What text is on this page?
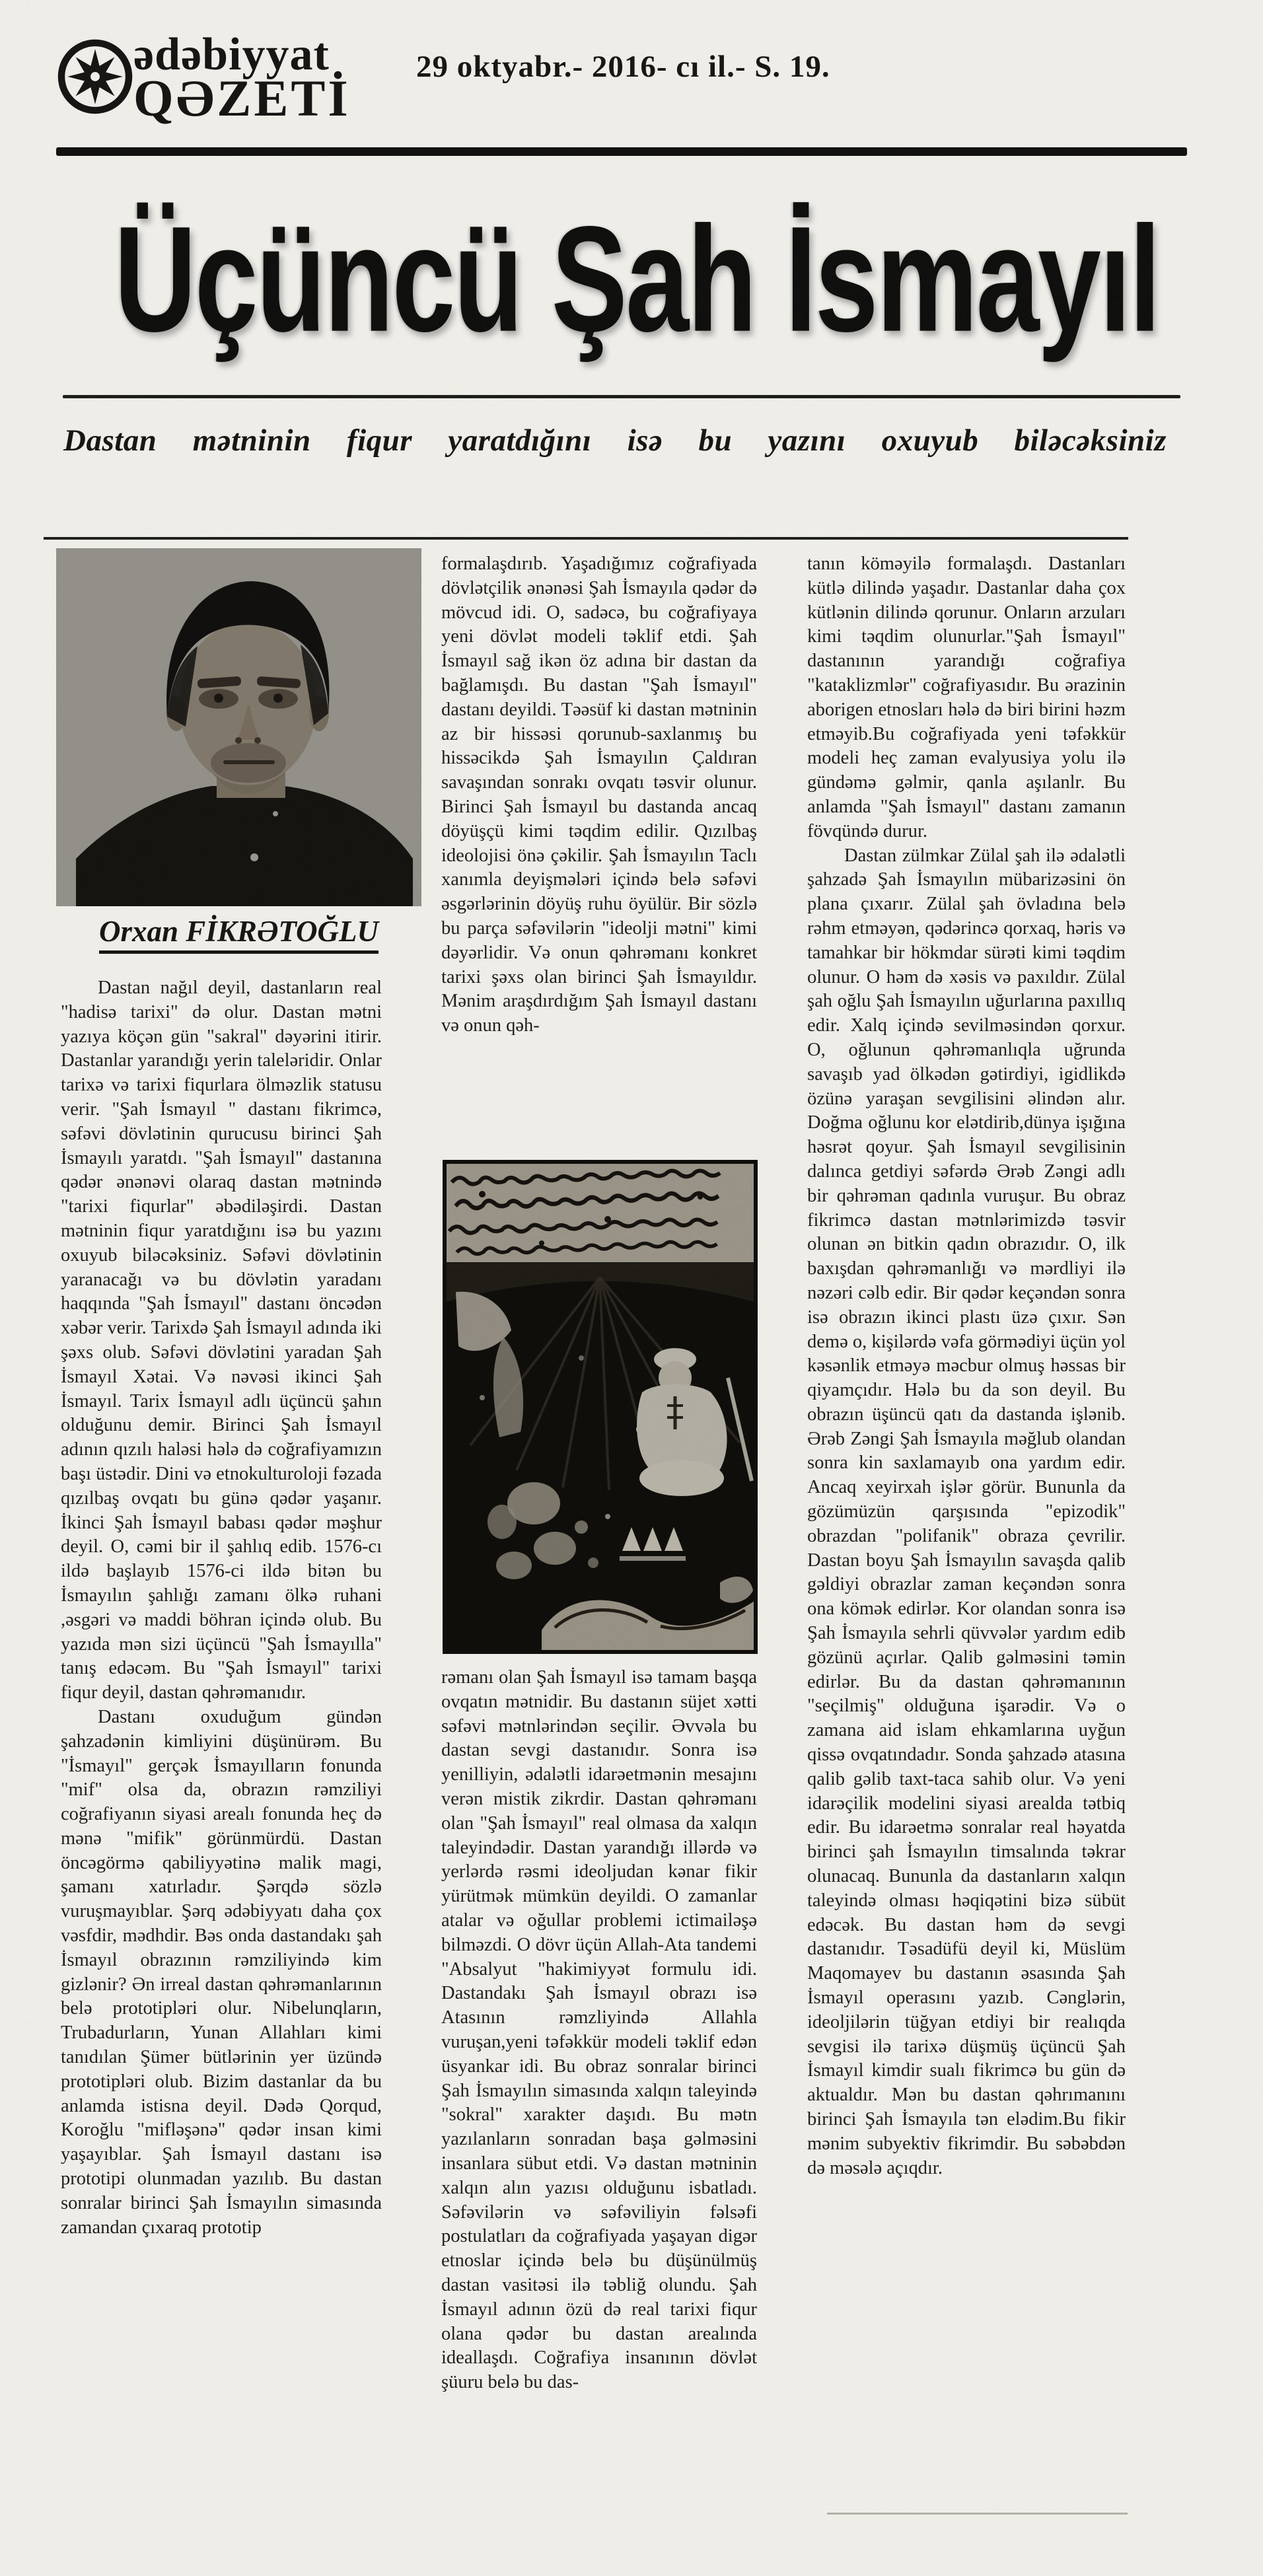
ədəbiyyat
QƏZETİ
29 oktyabr.- 2016- cı il.- S. 19.
Üçüncü Şah İsmayıl
Dastan mətninin fiqur yaratdığını isə bu yazını oxuyub biləcəksiniz
Orxan FİKRƏTOĞLU

Dastan nağıl deyil, dastanların real "hadisə tarixi" də olur. Dastan mətni yazıya köçən gün "sakral" dəyərini itirir. Dastanlar yarandığı yerin taleləridir. Onlar tarixə və tarixi fiqurlara ölməzlik statusu verir. "Şah İsmayıl " dastanı fikrimcə, səfəvi dövlətinin qurucusu birinci Şah İsmayılı yaratdı. "Şah İsmayıl" dastanına qədər ənənəvi olaraq dastan mətnində "tarixi fiqurlar" əbədiləşirdi. Dastan mətninin fiqur yaratdığını isə bu yazını oxuyub biləcəksiniz. Səfəvi dövlətinin yaranacağı və bu dövlətin yaradanı haqqında "Şah İsmayıl" dastanı öncədən xəbər verir. Tarixdə Şah İsmayıl adında iki şəxs olub. Səfəvi dövlətini yaradan Şah İsmayıl Xətai. Və nəvəsi ikinci Şah İsmayıl. Tarix İsmayıl adlı üçüncü şahın olduğunu demir. Birinci Şah İsmayıl adının qızılı haləsi hələ də coğrafiyamızın başı üstədir. Dini və etnokulturoloji fəzada qızılbaş ovqatı bu günə qədər yaşanır. İkinci Şah İsmayıl babası qədər məşhur deyil. O, cəmi bir il şahlıq edib. 1576-cı ildə başlayıb 1576-ci ildə bitən bu İsmayılın şahlığı zamanı ölkə ruhani ,əsgəri və maddi böhran içində olub. Bu yazıda mən sizi üçüncü "Şah İsmayılla" tanış edəcəm. Bu "Şah İsmayıl" tarixi fiqur deyil, dastan qəhrəmanıdır.

Dastanı oxuduğum gündən şahzadənin kimliyini düşünürəm. Bu "İsmayıl" gerçək İsmayılların fonunda "mif" olsa da, obrazın rəmziliyi coğrafiyanın siyasi arealı fonunda heç də mənə "mifik" görünmürdü. Dastan öncəgörmə qabiliyyətinə malik magi, şamanı xatırladır. Şərqdə sözlə vuruşmayıblar. Şərq ədəbiyyatı daha çox vəsfdir, mədhdir. Bəs onda dastandakı şah İsmayıl obrazının rəmziliyində kim gizlənir? Ən irreal dastan qəhrəmanlarının belə prototipləri olur. Nibelunqların, Trubadurların, Yunan Allahları kimi tanıdılan Şümer bütlərinin yer üzündə prototipləri olub. Bizim dastanlar da bu anlamda istisna deyil. Dədə Qorqud, Koroğlu "mifləşənə" qədər insan kimi yaşayıblar. Şah İsmayıl dastanı isə prototipi olunmadan yazılıb. Bu dastan sonralar birinci Şah İsmayılın simasında zamandan çıxaraq prototip

formalaşdırıb. Yaşadığımız coğrafiyada dövlətçilik ənənəsi Şah İsmayıla qədər də mövcud idi. O, sadəcə, bu coğrafiyaya yeni dövlət modeli təklif etdi. Şah İsmayıl sağ ikən öz adına bir dastan da bağlamışdı. Bu dastan "Şah İsmayıl" dastanı deyildi. Təəsüf ki dastan mətninin az bir hissəsi qorunub-saxlanmış bu hissəcikdə Şah İsmayılın Çaldıran savaşından sonrakı ovqatı təsvir olunur. Birinci Şah İsmayıl bu dastanda ancaq döyüşçü kimi təqdim edilir. Qızılbaş ideolojisi önə çəkilir. Şah İsmayılın Taclı xanımla deyişmələri içində belə səfəvi əsgərlərinin döyüş ruhu öyülür. Bir sözlə bu parça səfəvilərin "ideolji mətni" kimi dəyərlidir. Və onun qəhrəmanı konkret tarixi şəxs olan birinci Şah İsmayıldır. Mənim araşdırdığım Şah İsmayıl dastanı və onun qəh-

rəmanı olan Şah İsmayıl isə tamam başqa ovqatın mətnidir. Bu dastanın süjet xətti səfəvi mətnlərindən seçilir. Əvvəla bu dastan sevgi dastanıdır. Sonra isə yenilliyin, ədalətli idarəetmənin mesajını verən mistik zikrdir. Dastan qəhrəmanı olan "Şah İsmayıl" real olmasa da xalqın taleyindədir. Dastan yarandığı illərdə və yerlərdə rəsmi ideoljudan kənar fikir yürütmək mümkün deyildi. O zamanlar atalar və oğullar problemi ictimailəşə bilməzdi. O dövr üçün Allah-Ata tandemi "Absalyut "hakimiyyət formulu idi. Dastandakı Şah İsmayıl obrazı isə Atasının rəmzliyində Allahla vuruşan,yeni təfəkkür modeli təklif edən üsyankar idi. Bu obraz sonralar birinci Şah İsmayılın simasında xalqın taleyində "sokral" xarakter daşıdı. Bu mətn yazılanların sonradan başa gəlməsini insanlara sübut etdi. Və dastan mətninin xalqın alın yazısı olduğunu isbatladı. Səfəvilərin və səfəviliyin fəlsəfi postulatları da coğrafiyada yaşayan digər etnoslar içində belə bu düşünülmüş dastan vasitəsi ilə təbliğ olundu. Şah İsmayıl adının özü də real tarixi fiqur olana qədər bu dastan arealında ideallaşdı. Coğrafiya insanının dövlət şüuru belə bu das-

tanın köməyilə formalaşdı. Dastanları kütlə dilində yaşadır. Dastanlar daha çox kütlənin dilində qorunur. Onların arzuları kimi təqdim olunurlar."Şah İsmayıl" dastanının yarandığı coğrafiya "kataklizmlər" coğrafiyasıdır. Bu ərazinin aborigen etnosları hələ də biri birini həzm etməyib.Bu coğrafiyada yeni təfəkkür modeli heç zaman evalyusiya yolu ilə gündəmə gəlmir, qanla aşılanlr. Bu anlamda "Şah İsmayıl" dastanı zamanın fövqündə durur.

Dastan zülmkar Zülal şah ilə ədalətli şahzadə Şah İsmayılın mübarizəsini ön plana çıxarır. Zülal şah övladına belə rəhm etməyən, qədərincə qorxaq, həris və tamahkar bir hökmdar sürəti kimi təqdim olunur. O həm də xəsis və paxıldır. Zülal şah oğlu Şah İsmayılın uğurlarına paxıllıq edir. Xalq içində sevilməsindən qorxur. O, oğlunun qəhrəmanlıqla uğrunda savaşıb yad ölkədən gətirdiyi, igidlikdə özünə yaraşan sevgilisini əlindən alır. Doğma oğlunu kor elətdirib,dünya işığına həsrət qoyur. Şah İsmayıl sevgilisinin dalınca getdiyi səfərdə Ərəb Zəngi adlı bir qəhrəman qadınla vuruşur. Bu obraz fikrimcə dastan mətnlərimizdə təsvir olunan ən bitkin qadın obrazıdır. O, ilk baxışdan qəhrəmanlığı və mərdliyi ilə nəzəri cəlb edir. Bir qədər keçəndən sonra isə obrazın ikinci plastı üzə çıxır. Sən demə o, kişilərdə vəfa görmədiyi üçün yol kəsənlik etməyə məcbur olmuş həssas bir qiyamçıdır. Hələ bu da son deyil. Bu obrazın üşüncü qatı da dastanda işlənib. Ərəb Zəngi Şah İsmayıla məğlub olandan sonra kin saxlamayıb ona yardım edir. Ancaq xeyirxah işlər görür. Bununla da gözümüzün qarşısında "epizodik" obrazdan "polifanik" obraza çevrilir. Dastan boyu Şah İsmayılın savaşda qalib gəldiyi obrazlar zaman keçəndən sonra ona kömək edirlər. Kor olandan sonra isə Şah İsmayıla sehrli qüvvələr yardım edib gözünü açırlar. Qalib gəlməsini təmin edirlər. Bu da dastan qəhrəmanının "seçilmiş" olduğuna işarədir. Və o zamana aid islam ehkamlarına uyğun qissə ovqatındadır. Sonda şahzadə atasına qalib gəlib taxt-taca sahib olur. Və yeni idarəçilik modelini siyasi arealda tətbiq edir. Bu idarəetmə sonralar real həyatda birinci şah İsmayılın timsalında təkrar olunacaq. Bununla da dastanların xalqın taleyində olması həqiqətini bizə sübüt edəcək. Bu dastan həm də sevgi dastanıdır. Təsadüfü deyil ki, Müslüm Maqomayev bu dastanın əsasında Şah İsmayıl operasını yazıb. Cənglərin, ideoljilərin tüğyan etdiyi bir realıqda sevgisi ilə tarixə düşmüş üçüncü Şah İsmayıl kimdir sualı fikrimcə bu gün də aktualdır. Mən bu dastan qəhrımanını birinci Şah İsmayıla tən elədim.Bu fikir mənim subyektiv fikrimdir. Bu səbəbdən də məsələ açıqdır.
